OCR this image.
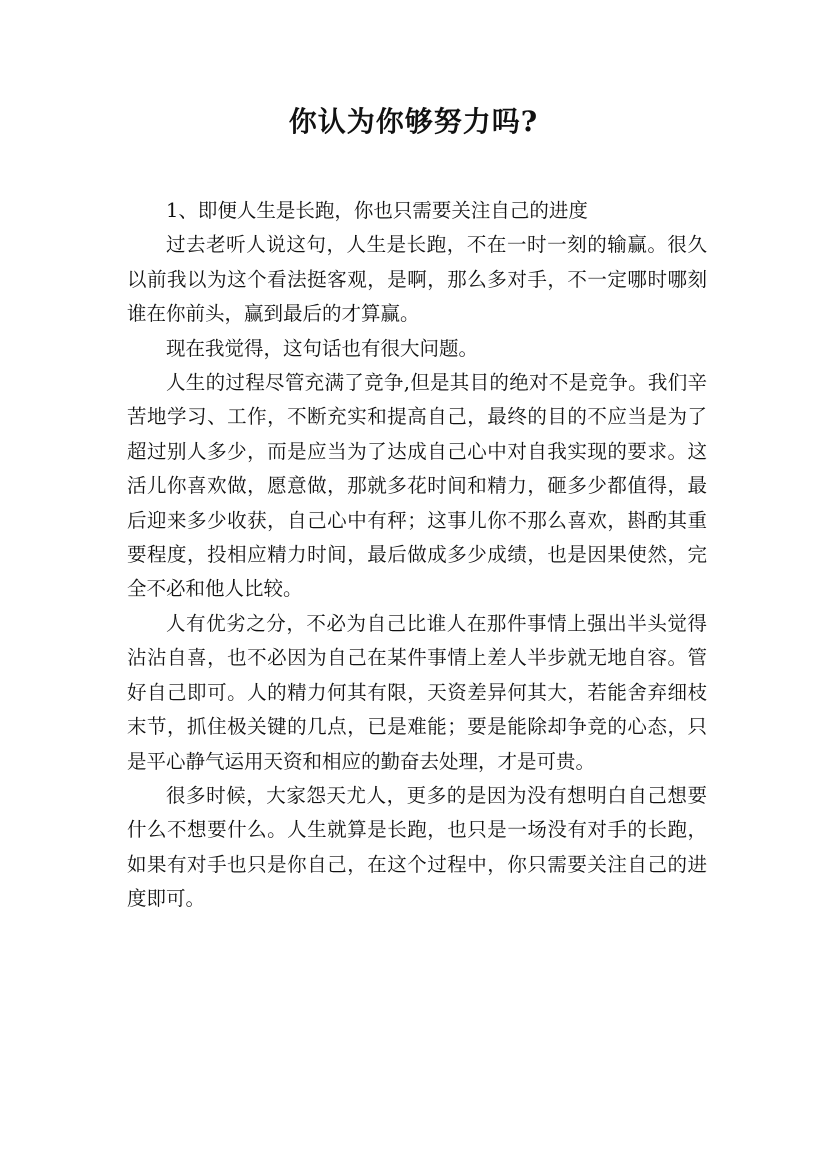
你认为你够努力吗?

1、即便人生是长跑，你也只需要关注自己的进度

过去老听人说这句，人生是长跑，不在一时一刻的输赢。很久以前我以为这个看法挺客观，是啊，那么多对手，不一定哪时哪刻谁在你前头，赢到最后的才算赢。

现在我觉得，这句话也有很大问题。

人生的过程尽管充满了竞争,但是其目的绝对不是竞争。我们辛苦地学习、工作，不断充实和提高自己，最终的目的不应当是为了超过别人多少，而是应当为了达成自己心中对自我实现的要求。这活儿你喜欢做，愿意做，那就多花时间和精力，砸多少都值得，最后迎来多少收获，自己心中有秤；这事儿你不那么喜欢，斟酌其重要程度，投相应精力时间，最后做成多少成绩，也是因果使然，完全不必和他人比较。

人有优劣之分，不必为自己比谁人在那件事情上强出半头觉得沾沾自喜，也不必因为自己在某件事情上差人半步就无地自容。管好自己即可。人的精力何其有限，天资差异何其大，若能舍弃细枝末节，抓住极关键的几点，已是难能；要是能除却争竞的心态，只是平心静气运用天资和相应的勤奋去处理，才是可贵。

很多时候，大家怨天尤人，更多的是因为没有想明白自己想要什么不想要什么。人生就算是长跑，也只是一场没有对手的长跑，如果有对手也只是你自己，在这个过程中，你只需要关注自己的进度即可。
